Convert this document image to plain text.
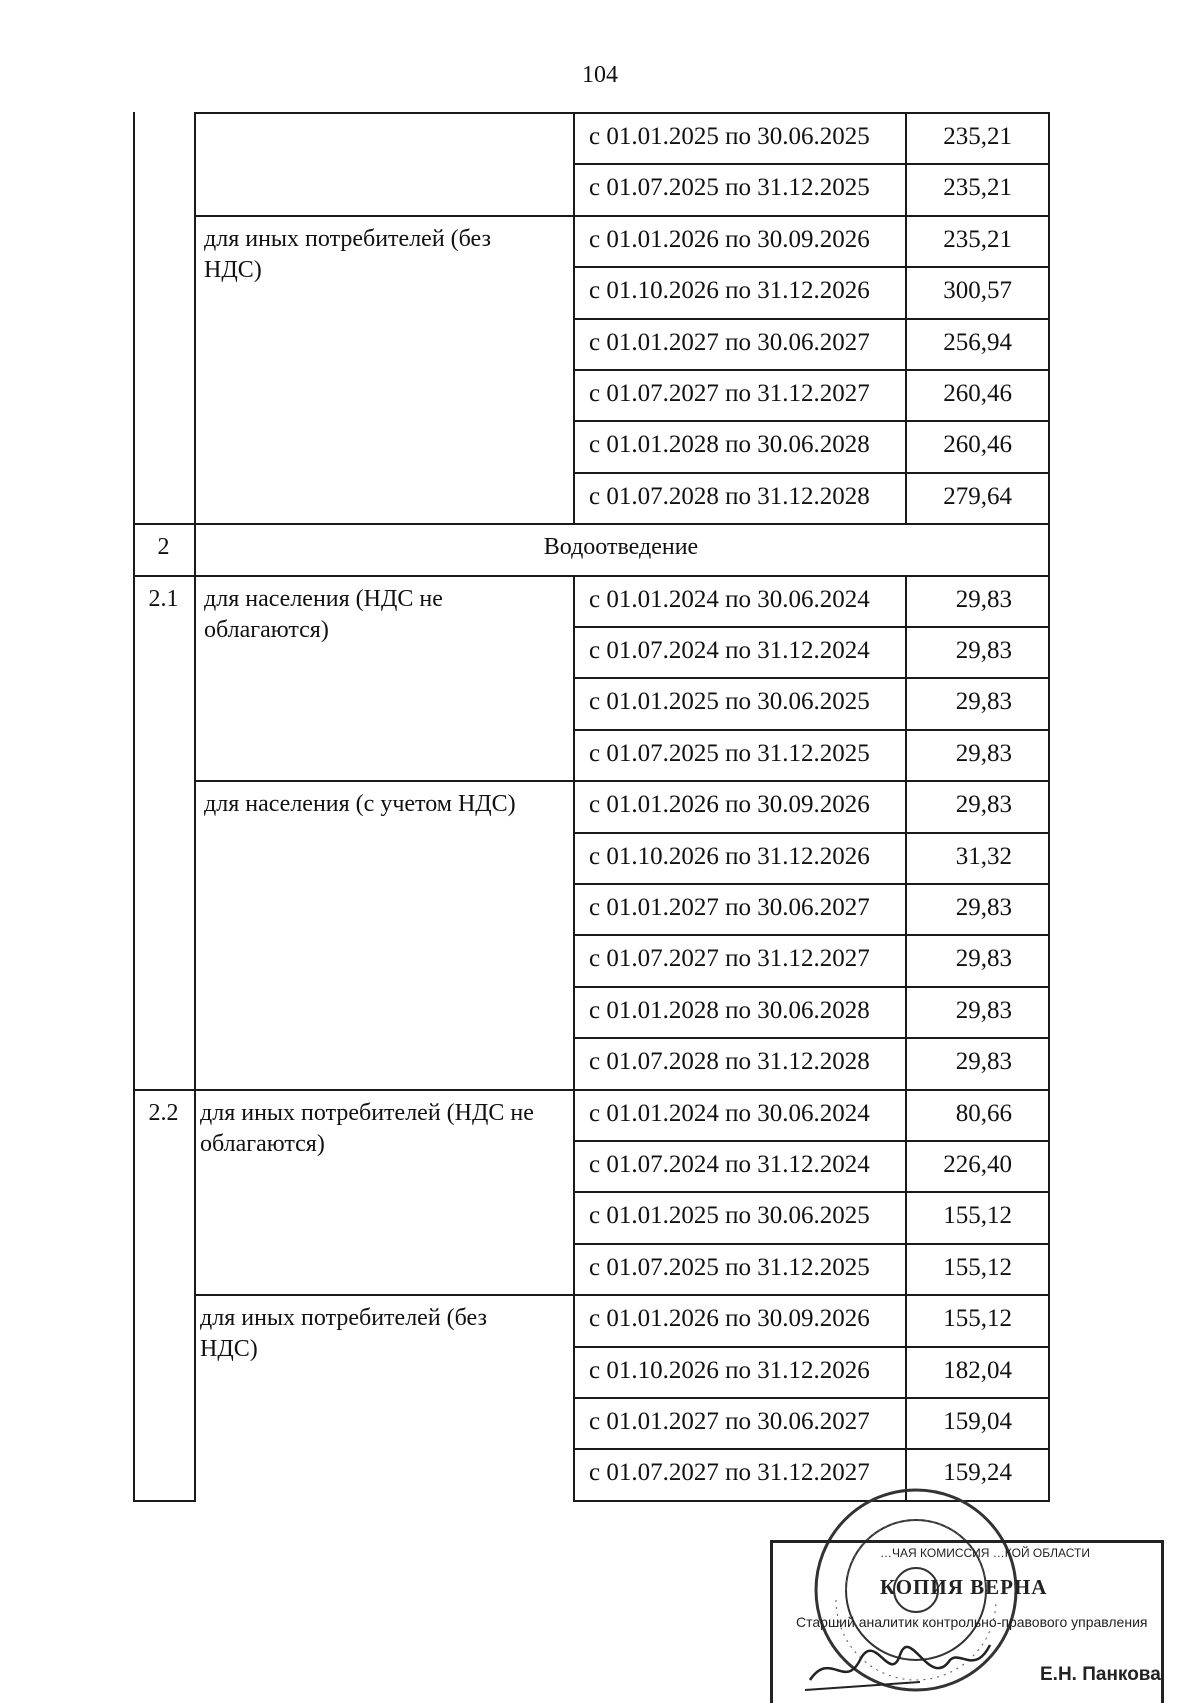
104
с 01.01.2025 по 30.06.2025	235,21
с 01.07.2025 по 31.12.2025	235,21
для иных потребителей (без НДС)
с 01.01.2026 по 30.09.2026	235,21
с 01.10.2026 по 31.12.2026	300,57
с 01.01.2027 по 30.06.2027	256,94
с 01.07.2027 по 31.12.2027	260,46
с 01.01.2028 по 30.06.2028	260,46
с 01.07.2028 по 31.12.2028	279,64
2	Водоотведение
2.1	для населения (НДС не облагаются)
с 01.01.2024 по 30.06.2024	29,83
с 01.07.2024 по 31.12.2024	29,83
с 01.01.2025 по 30.06.2025	29,83
с 01.07.2025 по 31.12.2025	29,83
для населения (с учетом НДС)	с 01.01.2026 по 30.09.2026	29,83
с 01.10.2026 по 31.12.2026	31,32
с 01.01.2027 по 30.06.2027	29,83
с 01.07.2027 по 31.12.2027	29,83
с 01.01.2028 по 30.06.2028	29,83
с 01.07.2028 по 31.12.2028	29,83
2.2 для иных потребителей (НДС не облагаются)
с 01.01.2024 по 30.06.2024	80,66
с 01.07.2024 по 31.12.2024	226,40
с 01.01.2025 по 30.06.2025	155,12
с 01.07.2025 по 31.12.2025	155,12
для иных потребителей (без НДС)
с 01.01.2026 по 30.09.2026	155,12
с 01.10.2026 по 31.12.2026	182,04
с 01.01.2027 по 30.06.2027	159,04
с 01.07.2027 по 31.12.2027	159,24
…ЧАЯ КОМИССИЯ …КОЙ ОБЛАСТИ
КОПИЯ ВЕРНА
Старший аналитик контрольно-правового управления
Е.Н. Панкова
